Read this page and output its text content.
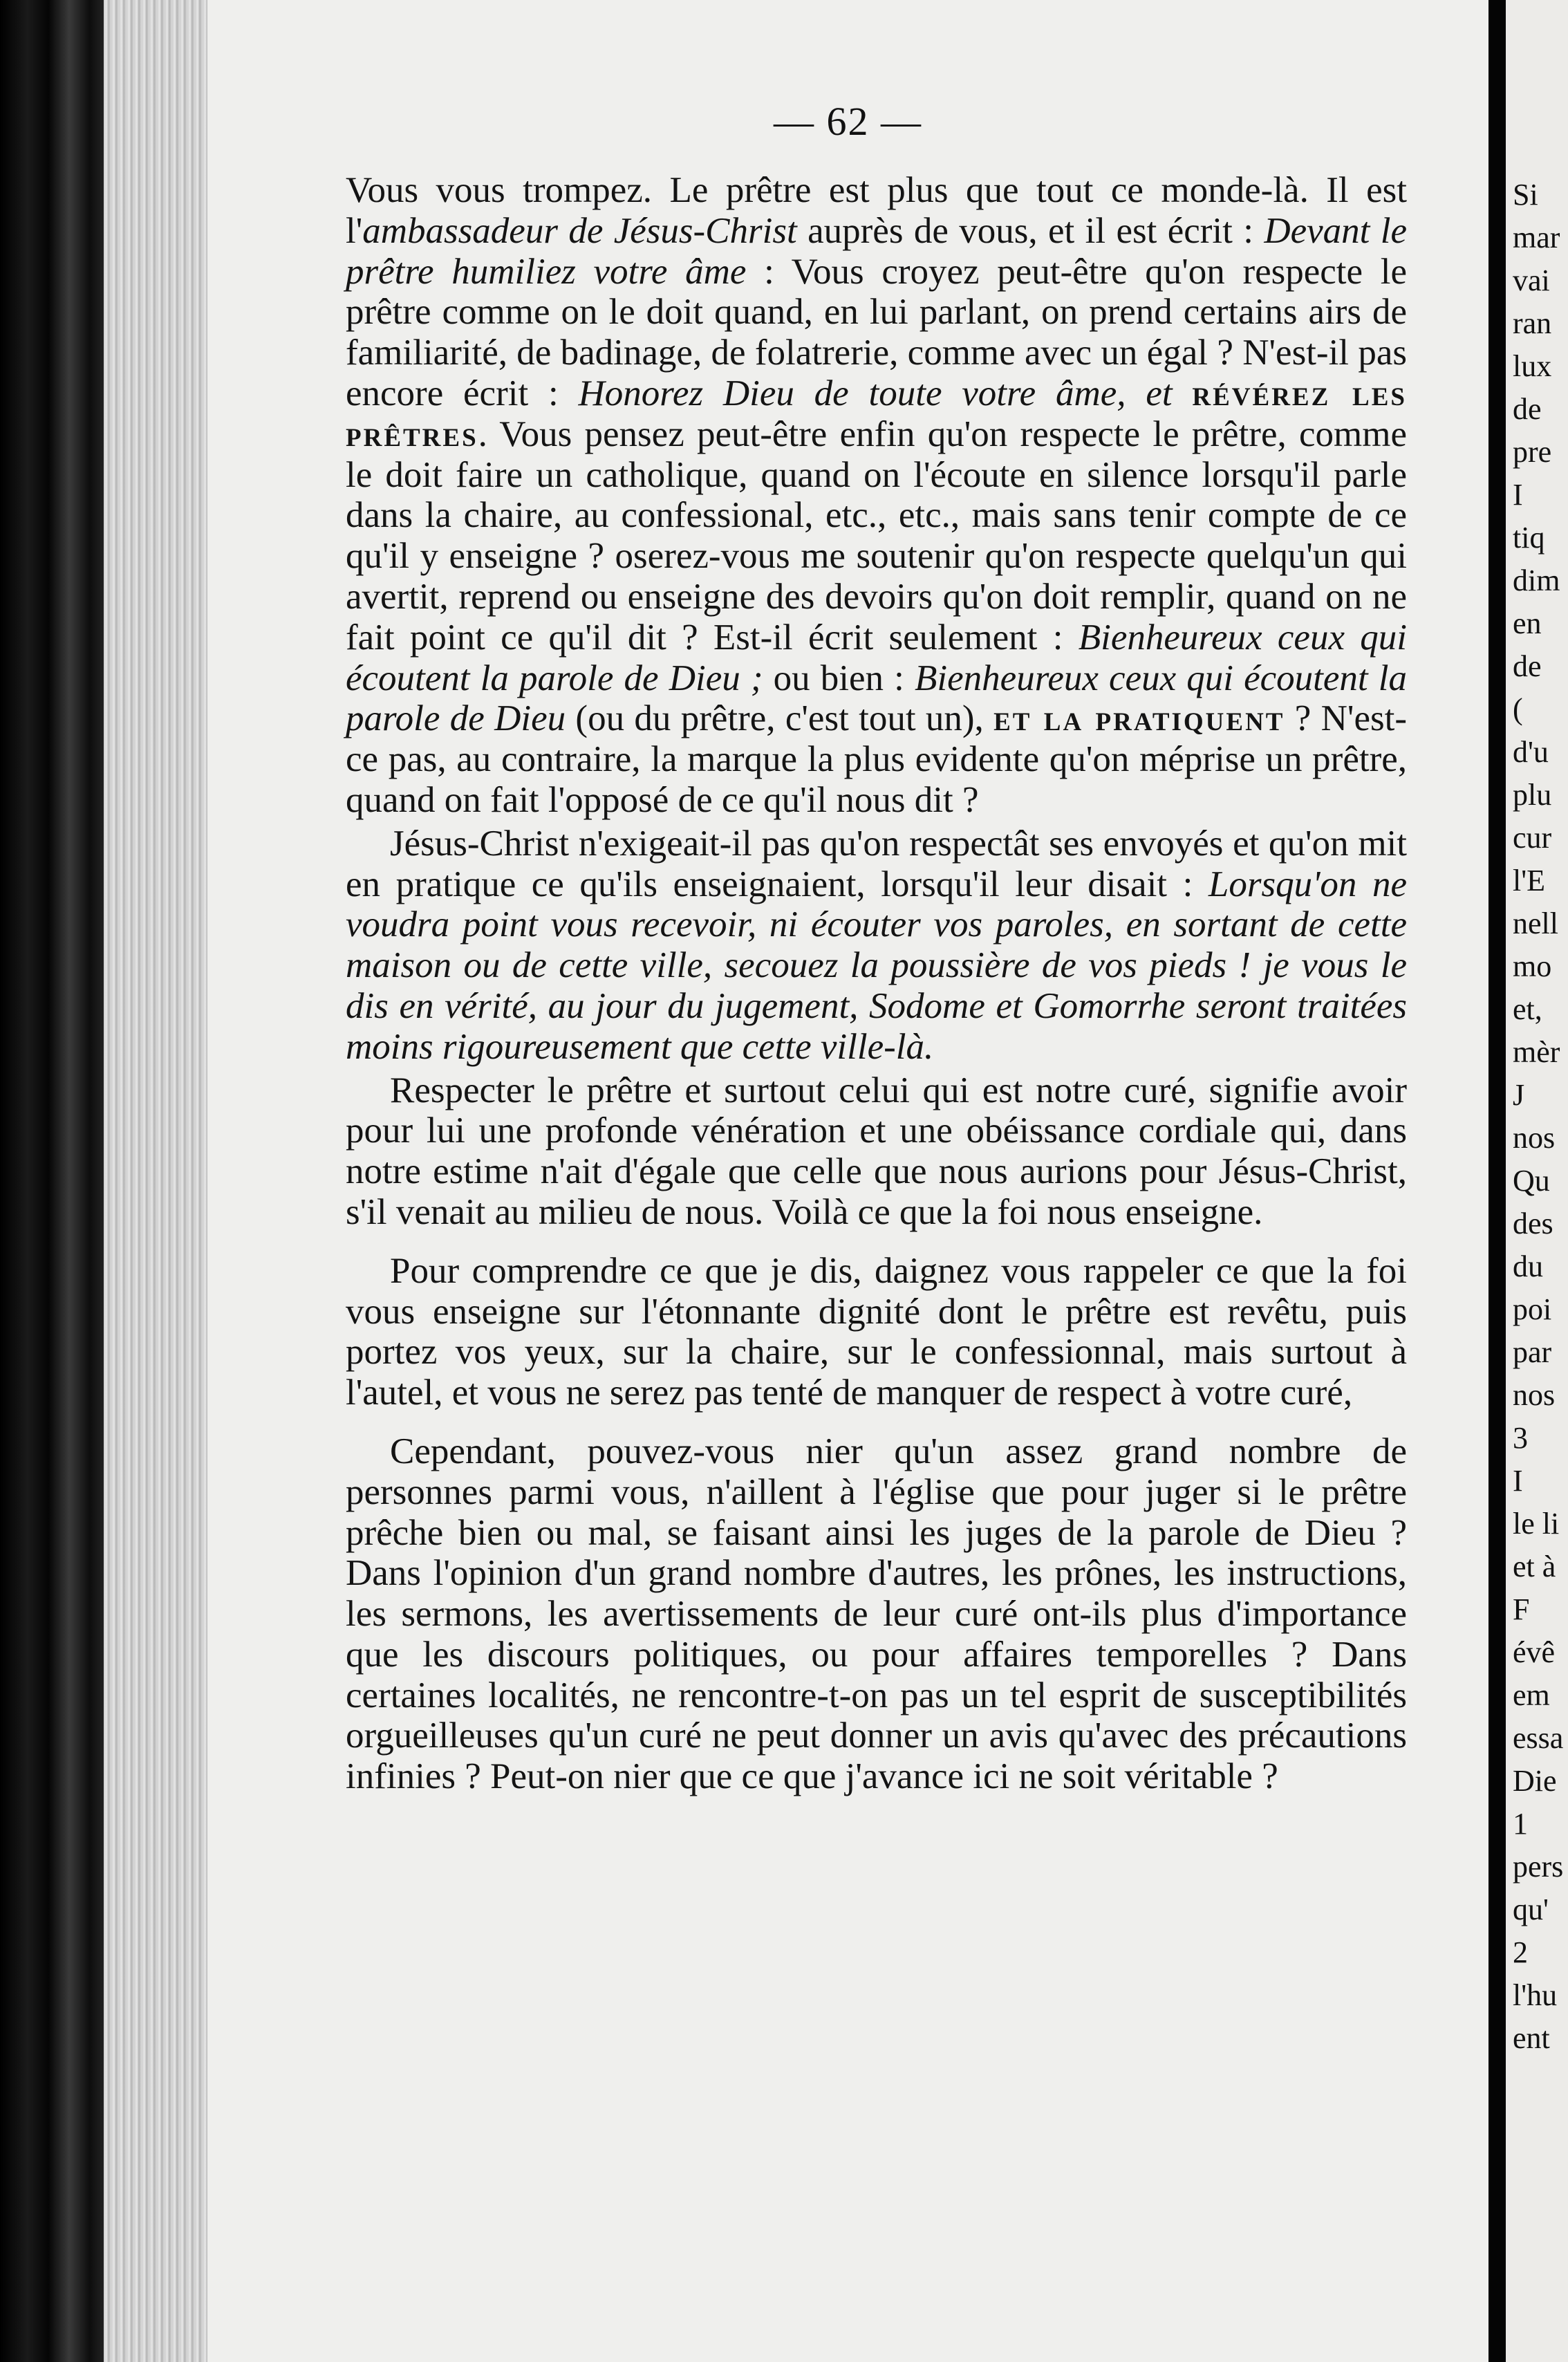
— 62 —

Vous vous trompez. Le prêtre est plus que tout ce monde-là. Il est l'ambassadeur de Jésus-Christ auprès de vous, et il est écrit : Devant le prêtre humiliez votre âme : Vous croyez peut-être qu'on respecte le prêtre comme on le doit quand, en lui parlant, on prend certains airs de familiarité, de badinage, de folatrerie, comme avec un égal ? N'est-il pas encore écrit : Honorez Dieu de toute votre âme, et révérez les prêtres. Vous pensez peut-être enfin qu'on respecte le prêtre, comme le doit faire un catholique, quand on l'écoute en silence lorsqu'il parle dans la chaire, au confessional, etc., etc., mais sans tenir compte de ce qu'il y enseigne ? oserez-vous me soutenir qu'on respecte quelqu'un qui avertit, reprend ou enseigne des devoirs qu'on doit remplir, quand on ne fait point ce qu'il dit ? Est-il écrit seulement : Bienheureux ceux qui écoutent la parole de Dieu ; ou bien : Bienheureux ceux qui écoutent la parole de Dieu (ou du prêtre, c'est tout un), et la pratiquent ? N'est-ce pas, au contraire, la marque la plus evidente qu'on méprise un prêtre, quand on fait l'opposé de ce qu'il nous dit ?

Jésus-Christ n'exigeait-il pas qu'on respectât ses envoyés et qu'on mit en pratique ce qu'ils enseignaient, lorsqu'il leur disait : Lorsqu'on ne voudra point vous recevoir, ni écouter vos paroles, en sortant de cette maison ou de cette ville, secouez la poussière de vos pieds ! je vous le dis en vérité, au jour du jugement, Sodome et Gomorrhe seront traitées moins rigoureusement que cette ville-là.

Respecter le prêtre et surtout celui qui est notre curé, signifie avoir pour lui une profonde vénération et une obéissance cordiale qui, dans notre estime n'ait d'égale que celle que nous aurions pour Jésus-Christ, s'il venait au milieu de nous. Voilà ce que la foi nous enseigne.

Pour comprendre ce que je dis, daignez vous rappeler ce que la foi vous enseigne sur l'étonnante dignité dont le prêtre est revêtu, puis portez vos yeux, sur la chaire, sur le confessionnal, mais surtout à l'autel, et vous ne serez pas tenté de manquer de respect à votre curé,

Cependant, pouvez-vous nier qu'un assez grand nombre de personnes parmi vous, n'aillent à l'église que pour juger si le prêtre prêche bien ou mal, se faisant ainsi les juges de la parole de Dieu ? Dans l'opinion d'un grand nombre d'autres, les prônes, les instructions, les sermons, les avertissements de leur curé ont-ils plus d'importance que les discours politiques, ou pour affaires temporelles ? Dans certaines localités, ne rencontre-t-on pas un tel esprit de susceptibilités orgueilleuses qu'un curé ne peut donner un avis qu'avec des précautions infinies ? Peut-on nier que ce que j'avance ici ne soit véritable ?

Si
mar
vai
ran
lux
de
pre
I
tiq
dim
en
de
(
d'u
plu
cur
l'E
nell
mo
et,
mèr
J
nos
Qu
des
du
poi
par
nos
3
I
le li
et à
F
évê
em
essa
Die
1
pers
qu'
2
l'hu
ent
